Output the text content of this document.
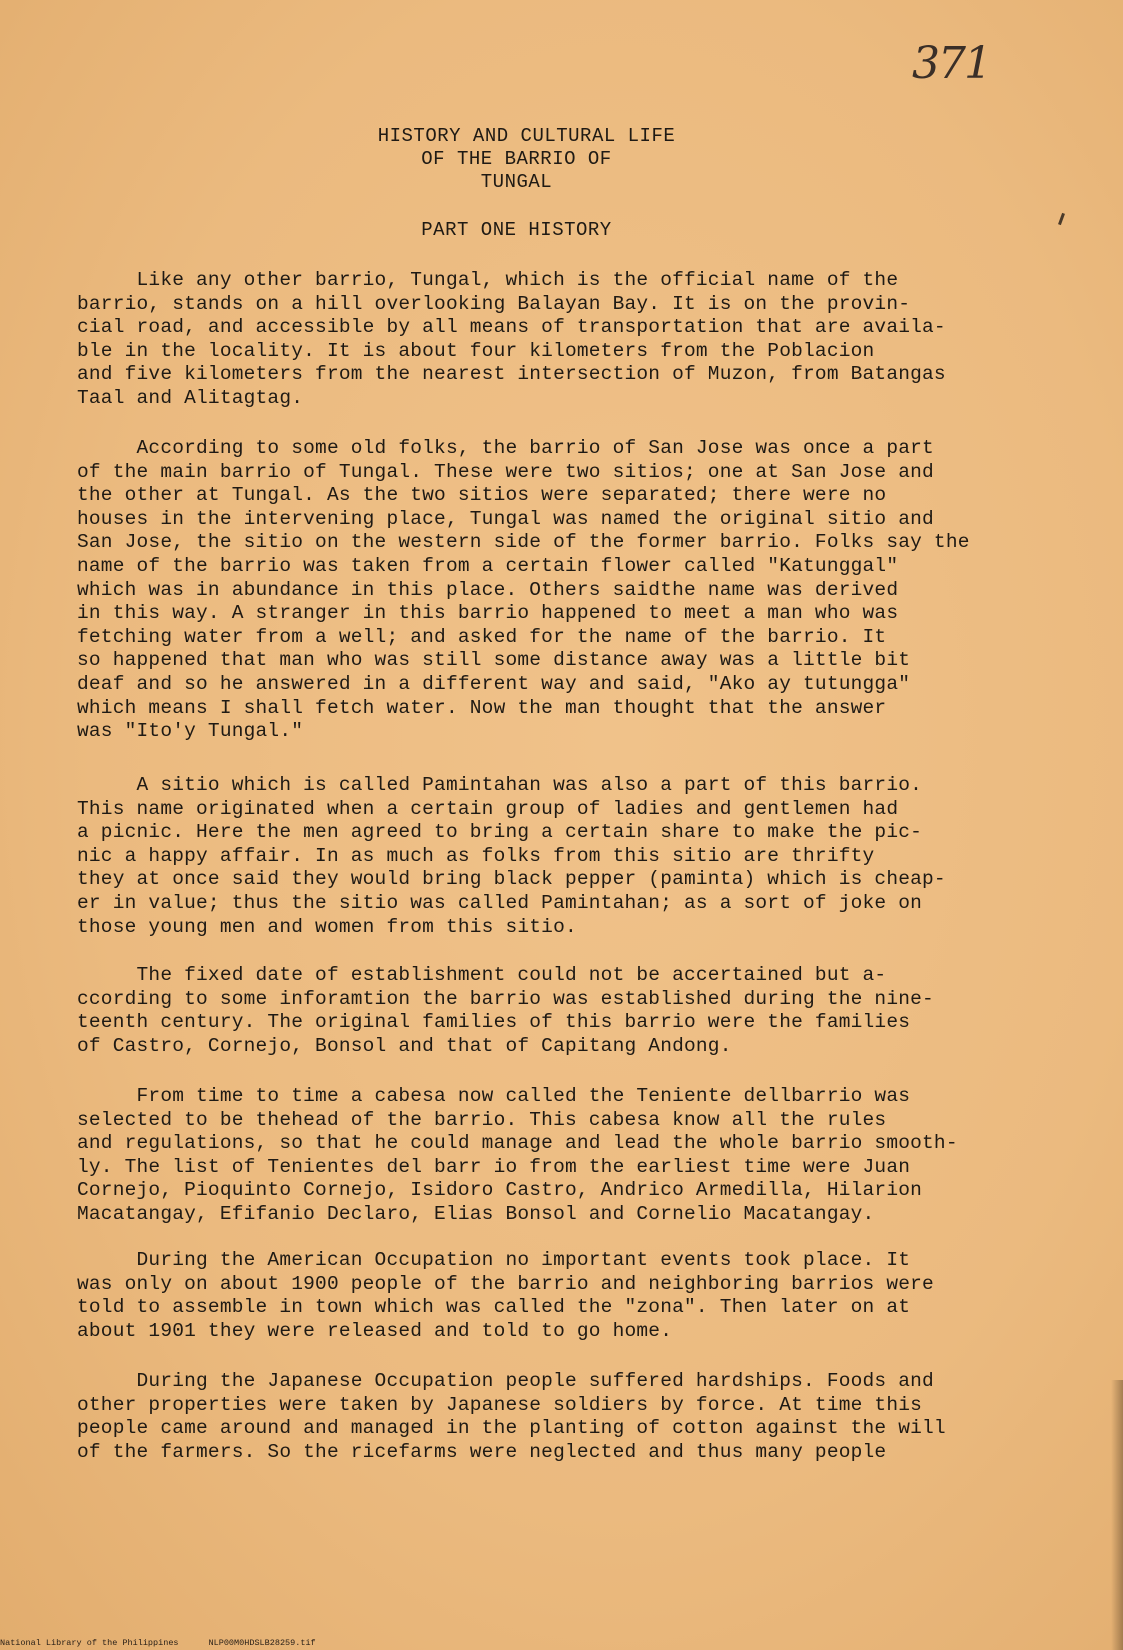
371
HISTORY AND CULTURAL LIFE
OF THE BARRIO OF
TUNGAL
PART ONE HISTORY

Like any other barrio, Tungal, which is the official name of the
barrio, stands on a hill overlooking Balayan Bay. It is on the provin-
cial road, and accessible by all means of transportation that are availa-
ble in the locality. It is about four kilometers from the Poblacion
and five kilometers from the nearest intersection of Muzon, from Batangas
Taal and Alitagtag.

According to some old folks, the barrio of San Jose was once a part
of the main barrio of Tungal. These were two sitios; one at San Jose and
the other at Tungal. As the two sitios were separated; there were no
houses in the intervening place, Tungal was named the original sitio and
San Jose, the sitio on the western side of the former barrio. Folks say the
name of the barrio was taken from a certain flower called "Katunggal"
which was in abundance in this place. Others saidthe name was derived
in this way. A stranger in this barrio happened to meet a man who was
fetching water from a well; and asked for the name of the barrio. It
so happened that man who was still some distance away was a little bit
deaf and so he answered in a different way and said, "Ako ay tutungga"
which means I shall fetch water. Now the man thought that the answer
was "Ito'y Tungal."

A sitio which is called Pamintahan was also a part of this barrio.
This name originated when a certain group of ladies and gentlemen had
a picnic. Here the men agreed to bring a certain share to make the pic-
nic a happy affair. In as much as folks from this sitio are thrifty
they at once said they would bring black pepper (paminta) which is cheap-
er in value; thus the sitio was called Pamintahan; as a sort of joke on
those young men and women from this sitio.

The fixed date of establishment could not be accertained but a-
ccording to some inforamtion the barrio was established during the nine-
teenth century. The original families of this barrio were the families
of Castro, Cornejo, Bonsol and that of Capitang Andong.

From time to time a cabesa now called the Teniente dellbarrio was
selected to be thehead of the barrio. This cabesa know all the rules
and regulations, so that he could manage and lead the whole barrio smooth-
ly. The list of Tenientes del barr io from the earliest time were Juan
Cornejo, Pioquinto Cornejo, Isidoro Castro, Andrico Armedilla, Hilarion
Macatangay, Efifanio Declaro, Elias Bonsol and Cornelio Macatangay.

During the American Occupation no important events took place. It
was only on about 1900 people of the barrio and neighboring barrios were
told to assemble in town which was called the "zona". Then later on at
about 1901 they were released and told to go home.

During the Japanese Occupation people suffered hardships. Foods and
other properties were taken by Japanese soldiers by force. At time this
people came around and managed in the planting of cotton against the will
of the farmers. So the ricefarms were neglected and thus many people

National Library of the Philippines	NLP00M0HDSLB28259.tif
